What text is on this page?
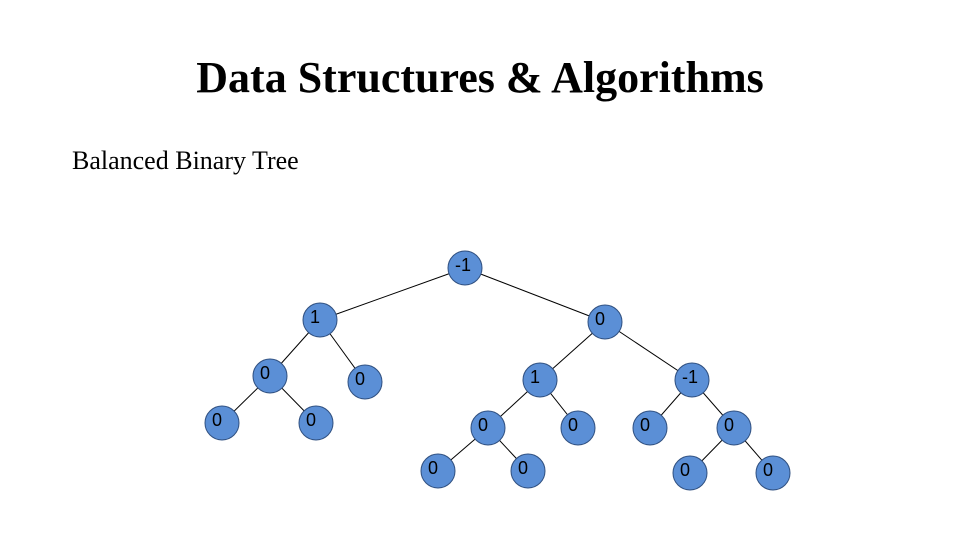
Data Structures & Algorithms
Balanced Binary Tree
-1
1	0
0	0	1	-1
0	0	0	0	0	0
0	0	0	0
